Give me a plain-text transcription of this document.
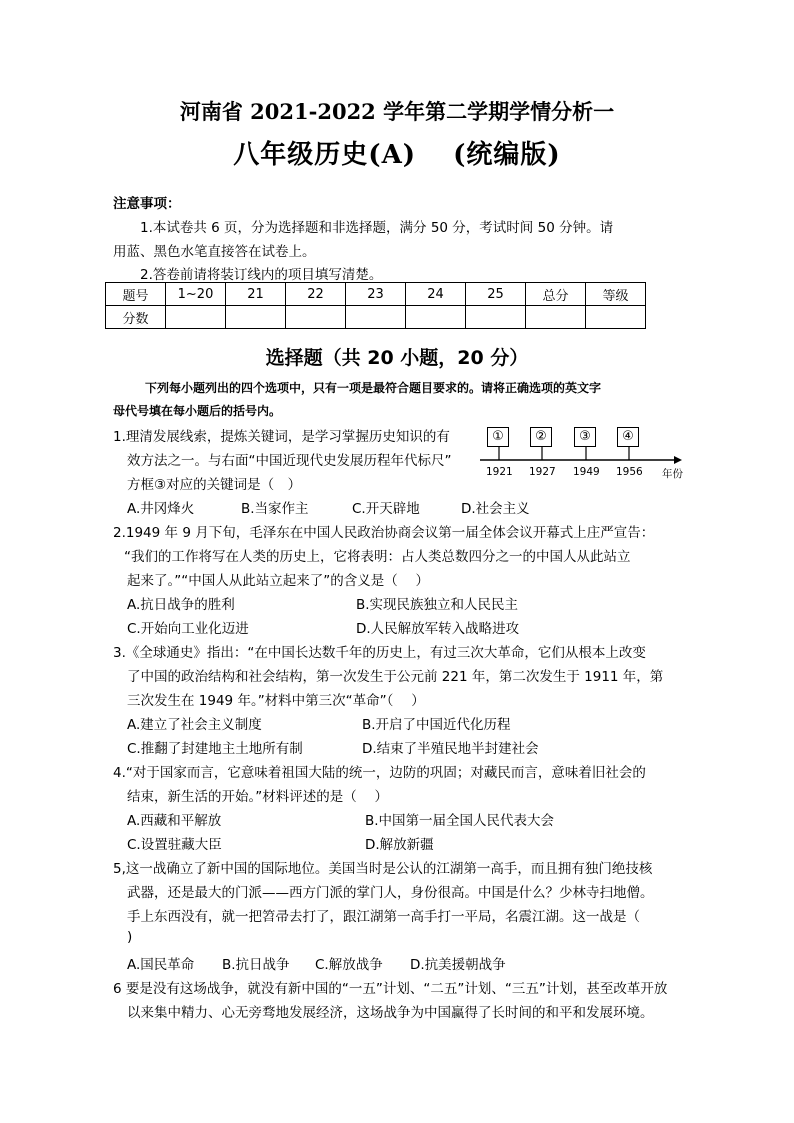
河南省 2021-2022 学年第二学期学情分析一
八年级历史(A)　 (统编版)
注意事项：
1.本试卷共 6 页，分为选择题和非选择题，满分 50 分，考试时间 50 分钟。请
用蓝、黑色水笔直接答在试卷上。
2.答卷前请将装订线内的项目填写清楚。
题号	1~20	21	22	23	24	25	总分	等级
分数								
选择题（共 20 小题，20 分）
下列每小题列出的四个选项中，只有一项是最符合题目要求的。请将正确选项的英文字
母代号填在每小题后的括号内。
1.理清发展线索，提炼关键词，是学习掌握历史知识的有
效方法之一。与右面“中国近现代史发展历程年代标尺”
方框③对应的关键词是（　）
A.井冈烽火	B.当家作主	C.开天辟地	D.社会主义
①	②	③	④
1921 1927 1949 1956 年份
2.1949 年 9 月下旬，毛泽东在中国人民政治协商会议第一届全体会议开幕式上庄严宣告：
“我们的工作将写在人类的历史上，它将表明：占人类总数四分之一的中国人从此站立
起来了。”“中国人从此站立起来了”的含义是（　 ）
A.抗日战争的胜利	B.实现民族独立和人民民主
C.开始向工业化迈进	D.人民解放军转入战略进攻
3.《全球通史》指出：“在中国长达数千年的历史上，有过三次大革命，它们从根本上改变
了中国的政治结构和社会结构，第一次发生于公元前 221 年，第二次发生于 1911 年，第
三次发生在 1949 年。”材料中第三次“革命”（　 ）
A.建立了社会主义制度	B.开启了中国近代化历程
C.推翻了封建地主土地所有制	D.结束了半殖民地半封建社会
4.“对于国家而言，它意味着祖国大陆的统一，边防的巩固；对藏民而言，意味着旧社会的
结束，新生活的开始。”材料评述的是（　 ）
A.西藏和平解放	B.中国第一届全国人民代表大会
C.设置驻藏大臣	D.解放新疆
5,这一战确立了新中国的国际地位。美国当时是公认的江湖第一高手，而且拥有独门绝技核
武器，还是最大的门派——西方门派的掌门人，身份很高。中国是什么？少林寺扫地僧。
手上东西没有，就一把笤帚去打了，跟江湖第一高手打一平局，名震江湖。这一战是（
)
A.国民革命 B.抗日战争 C.解放战争 D.抗美援朝战争
6 要是没有这场战争，就没有新中国的“一五”计划、“二五”计划、“三五”计划，甚至改革开放
以来集中精力、心无旁骛地发展经济，这场战争为中国赢得了长时间的和平和发展环境。
